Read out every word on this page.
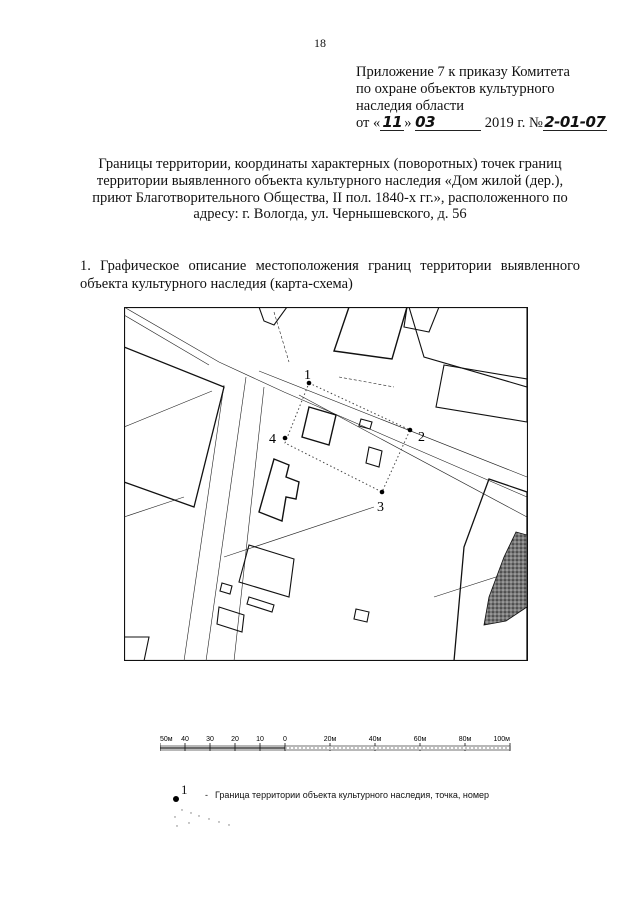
18
Приложение 7 к приказу Комитета
по охране объектов культурного
наследия области
от « 11 » 03	2019 г. №2-01-07
Границы территории, координаты характерных (поворотных) точек границ
территории выявленного объекта культурного наследия «Дом жилой (дер.),
приют Благотворительного Общества, II пол. 1840-х гг.», расположенного по
адресу: г. Вологда, ул. Чернышевского, д. 56
1. Графическое описание местоположения границ территории выявленного
объекта культурного наследия (карта-схема)
1
2
3
4
50м 40 30 20 10	0	20м	40м	60м	80м	100м
1 - Граница территории объекта культурного наследия, точка, номер
